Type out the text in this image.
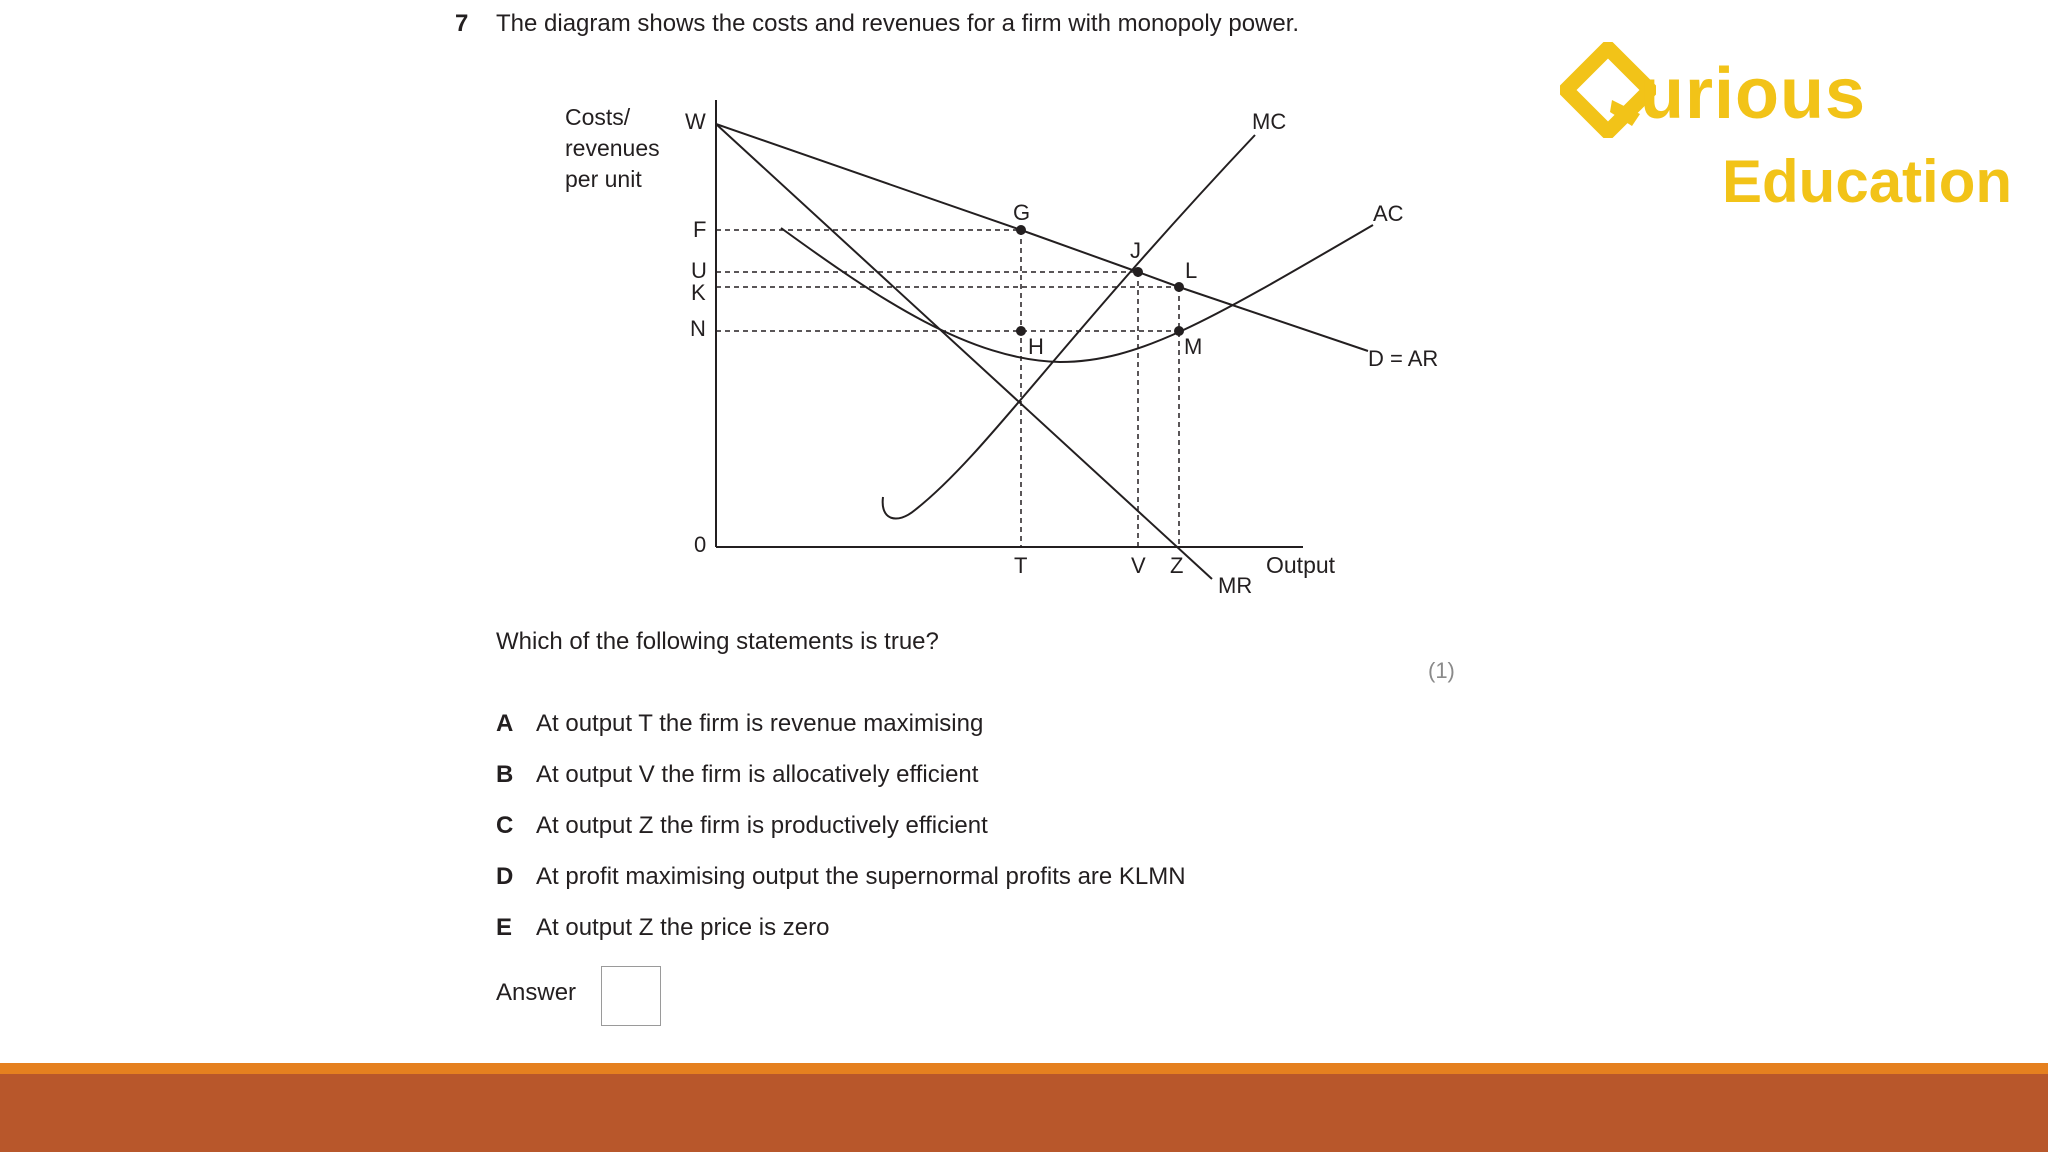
7 The diagram shows the costs and revenues for a firm with monopoly power.
Costs/
revenues
per unit
W
F
U
K
N
0
T	V Z	Output
MC
AC
D = AR
MR
G
J
L
H	M
Which of the following statements is true?
(1)
A At output T the firm is revenue maximising
B At output V the firm is allocatively efficient
C At output Z the firm is productively efficient
D At profit maximising output the supernormal profits are KLMN
E At output Z the price is zero
Answer
urious
Education
